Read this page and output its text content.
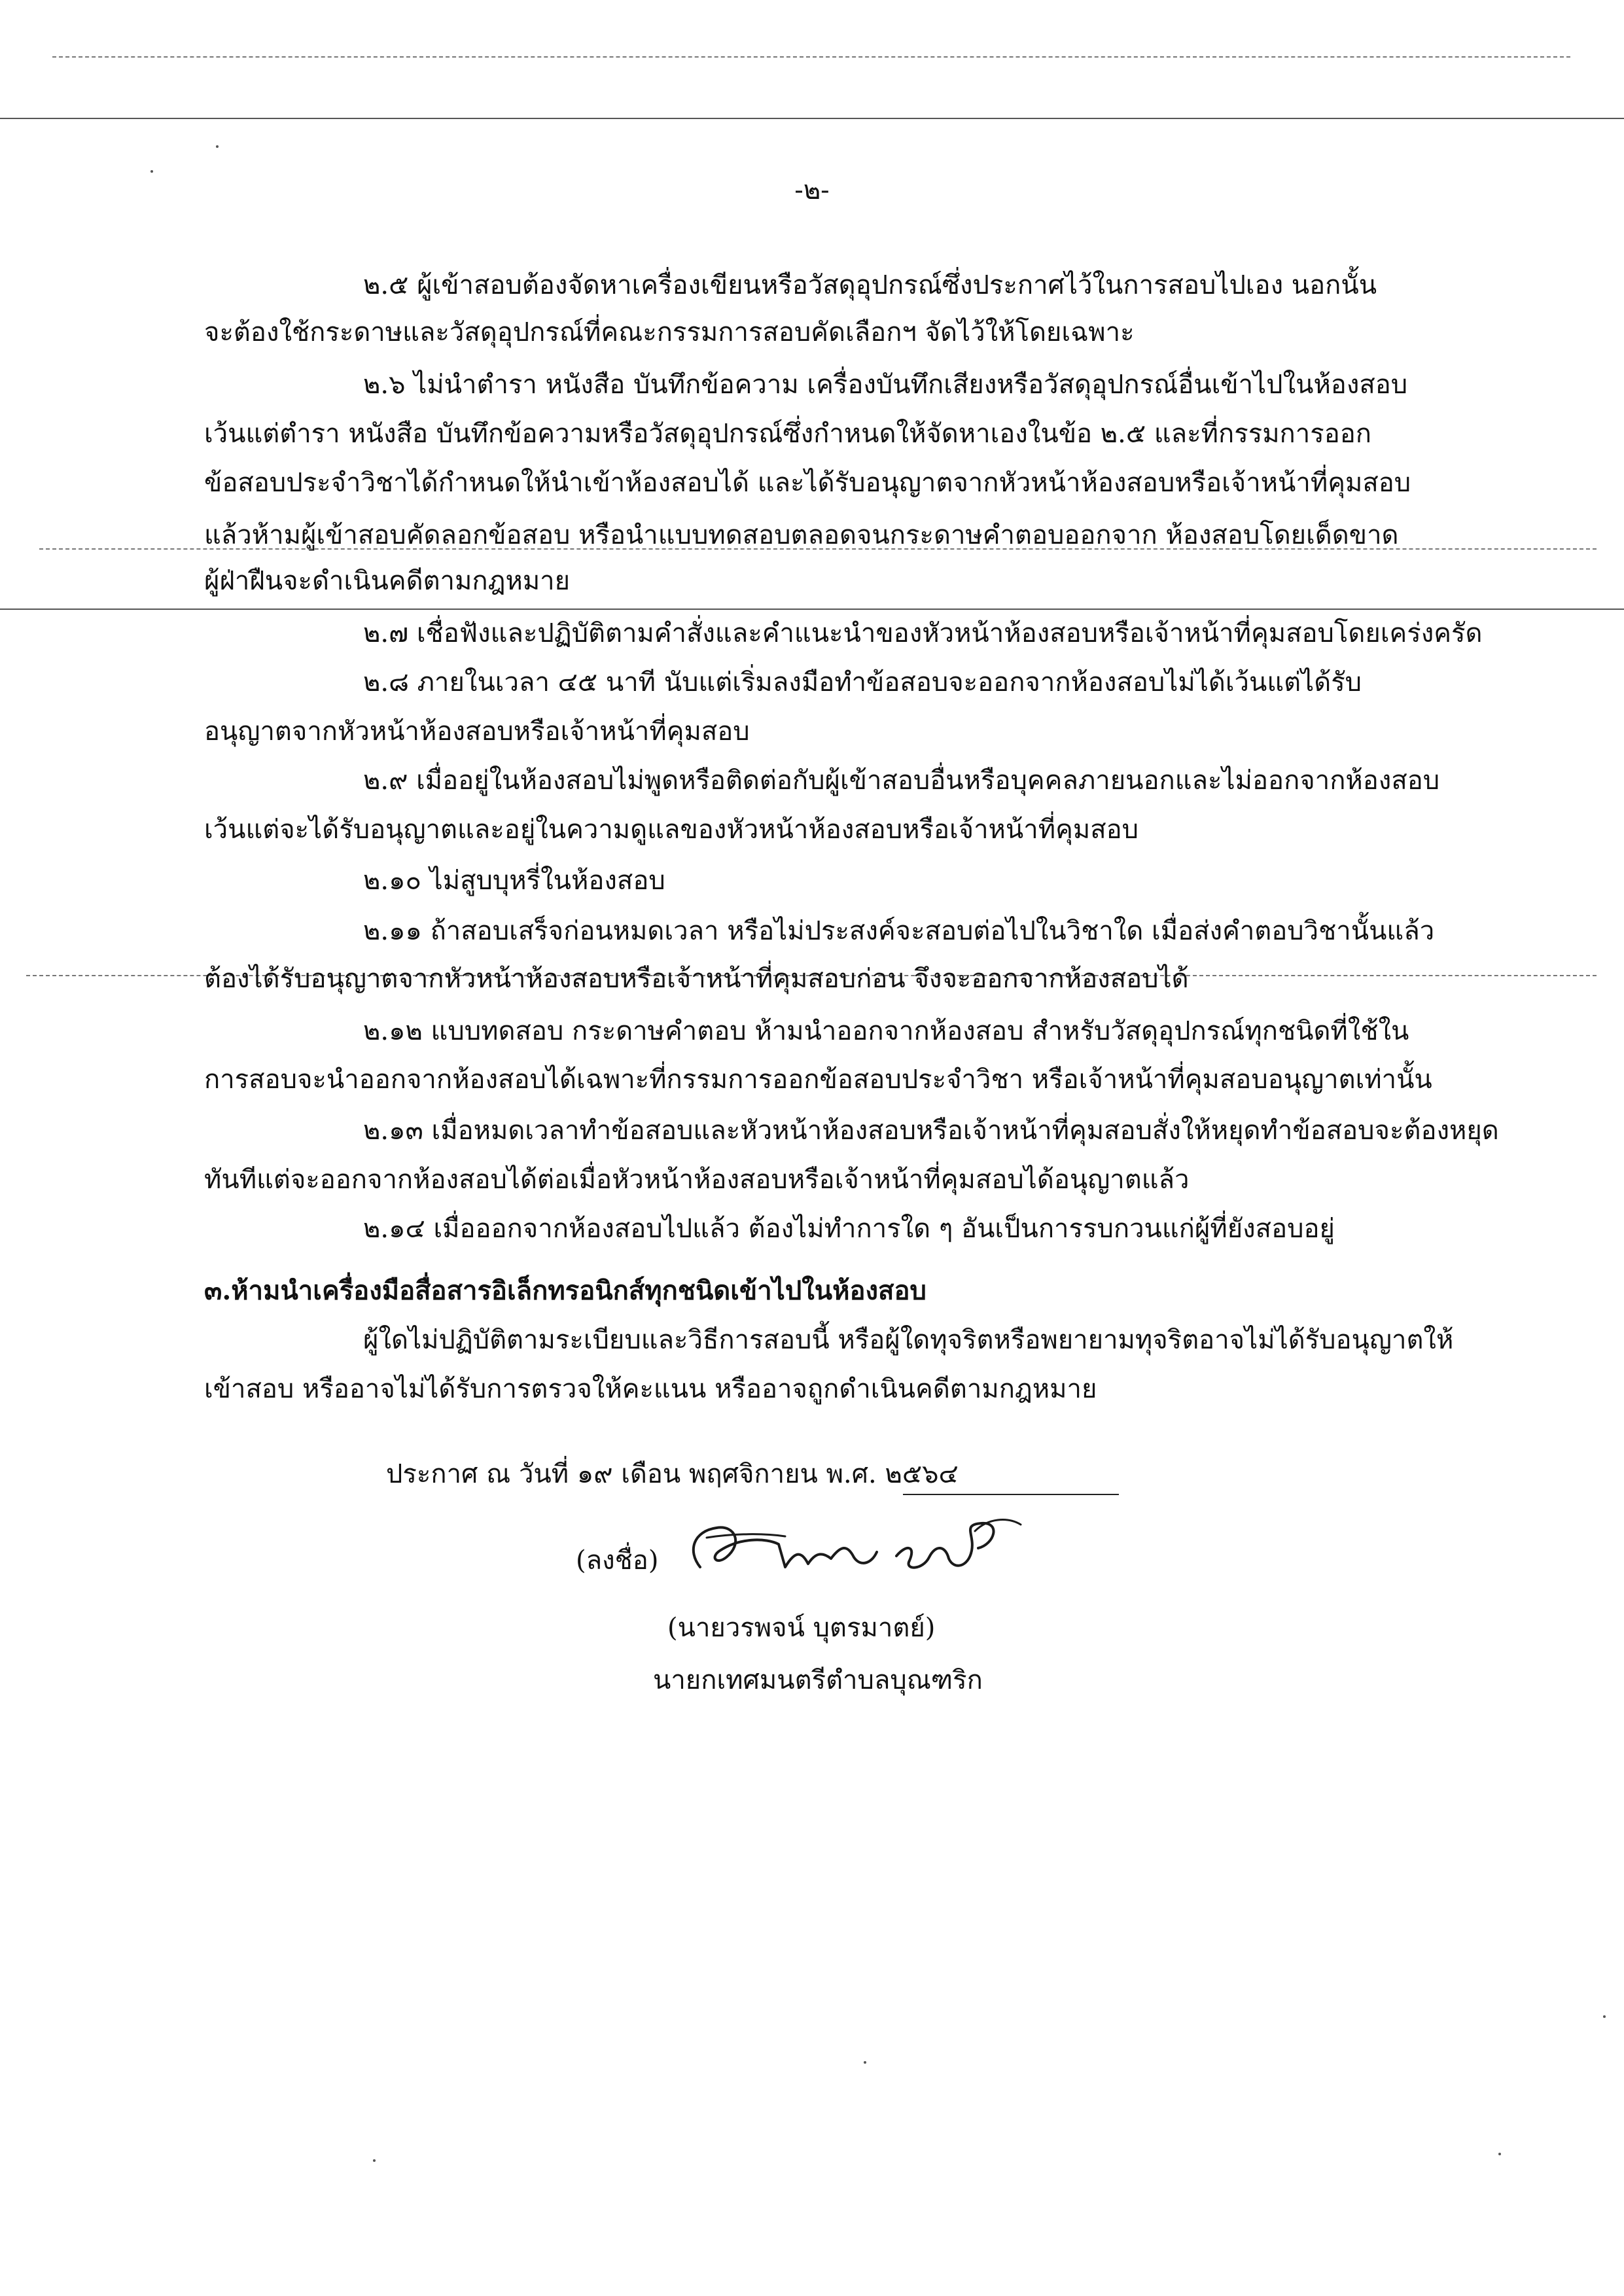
-๒-
๒.๕ ผู้เข้าสอบต้องจัดหาเครื่องเขียนหรือวัสดุอุปกรณ์ซึ่งประกาศไว้ในการสอบไปเอง นอกนั้น
จะต้องใช้กระดาษและวัสดุอุปกรณ์ที่คณะกรรมการสอบคัดเลือกฯ จัดไว้ให้โดยเฉพาะ
๒.๖ ไม่นำตำรา หนังสือ บันทึกข้อความ เครื่องบันทึกเสียงหรือวัสดุอุปกรณ์อื่นเข้าไปในห้องสอบ
เว้นแต่ตำรา หนังสือ บันทึกข้อความหรือวัสดุอุปกรณ์ซึ่งกำหนดให้จัดหาเองในข้อ ๒.๕ และที่กรรมการออก
ข้อสอบประจำวิชาได้กำหนดให้นำเข้าห้องสอบได้ และได้รับอนุญาตจากหัวหน้าห้องสอบหรือเจ้าหน้าที่คุมสอบ
แล้วห้ามผู้เข้าสอบคัดลอกข้อสอบ หรือนำแบบทดสอบตลอดจนกระดาษคำตอบออกจาก ห้องสอบโดยเด็ดขาด
ผู้ฝ่าฝืนจะดำเนินคดีตามกฎหมาย
๒.๗ เชื่อฟังและปฏิบัติตามคำสั่งและคำแนะนำของหัวหน้าห้องสอบหรือเจ้าหน้าที่คุมสอบโดยเคร่งครัด
๒.๘ ภายในเวลา ๔๕ นาที นับแต่เริ่มลงมือทำข้อสอบจะออกจากห้องสอบไม่ได้เว้นแต่ได้รับ
อนุญาตจากหัวหน้าห้องสอบหรือเจ้าหน้าที่คุมสอบ
๒.๙ เมื่ออยู่ในห้องสอบไม่พูดหรือติดต่อกับผู้เข้าสอบอื่นหรือบุคคลภายนอกและไม่ออกจากห้องสอบ
เว้นแต่จะได้รับอนุญาตและอยู่ในความดูแลของหัวหน้าห้องสอบหรือเจ้าหน้าที่คุมสอบ
๒.๑๐ ไม่สูบบุหรี่ในห้องสอบ
๒.๑๑ ถ้าสอบเสร็จก่อนหมดเวลา หรือไม่ประสงค์จะสอบต่อไปในวิชาใด เมื่อส่งคำตอบวิชานั้นแล้ว
ต้องได้รับอนุญาตจากหัวหน้าห้องสอบหรือเจ้าหน้าที่คุมสอบก่อน จึงจะออกจากห้องสอบได้
๒.๑๒ แบบทดสอบ กระดาษคำตอบ ห้ามนำออกจากห้องสอบ สำหรับวัสดุอุปกรณ์ทุกชนิดที่ใช้ใน
การสอบจะนำออกจากห้องสอบได้เฉพาะที่กรรมการออกข้อสอบประจำวิชา หรือเจ้าหน้าที่คุมสอบอนุญาตเท่านั้น
๒.๑๓ เมื่อหมดเวลาทำข้อสอบและหัวหน้าห้องสอบหรือเจ้าหน้าที่คุมสอบสั่งให้หยุดทำข้อสอบจะต้องหยุด
ทันทีแต่จะออกจากห้องสอบได้ต่อเมื่อหัวหน้าห้องสอบหรือเจ้าหน้าที่คุมสอบได้อนุญาตแล้ว
๒.๑๔ เมื่อออกจากห้องสอบไปแล้ว ต้องไม่ทำการใด ๆ อันเป็นการรบกวนแก่ผู้ที่ยังสอบอยู่
๓.ห้ามนำเครื่องมือสื่อสารอิเล็กทรอนิกส์ทุกชนิดเข้าไปในห้องสอบ
ผู้ใดไม่ปฏิบัติตามระเบียบและวิธีการสอบนี้ หรือผู้ใดทุจริตหรือพยายามทุจริตอาจไม่ได้รับอนุญาตให้
เข้าสอบ หรืออาจไม่ได้รับการตรวจให้คะแนน หรืออาจถูกดำเนินคดีตามกฎหมาย
ประกาศ ณ วันที่ ๑๙ เดือน พฤศจิกายน พ.ศ. ๒๕๖๔
(ลงชื่อ)
(นายวรพจน์ บุตรมาตย์)
นายกเทศมนตรีตำบลบุณฑริก
